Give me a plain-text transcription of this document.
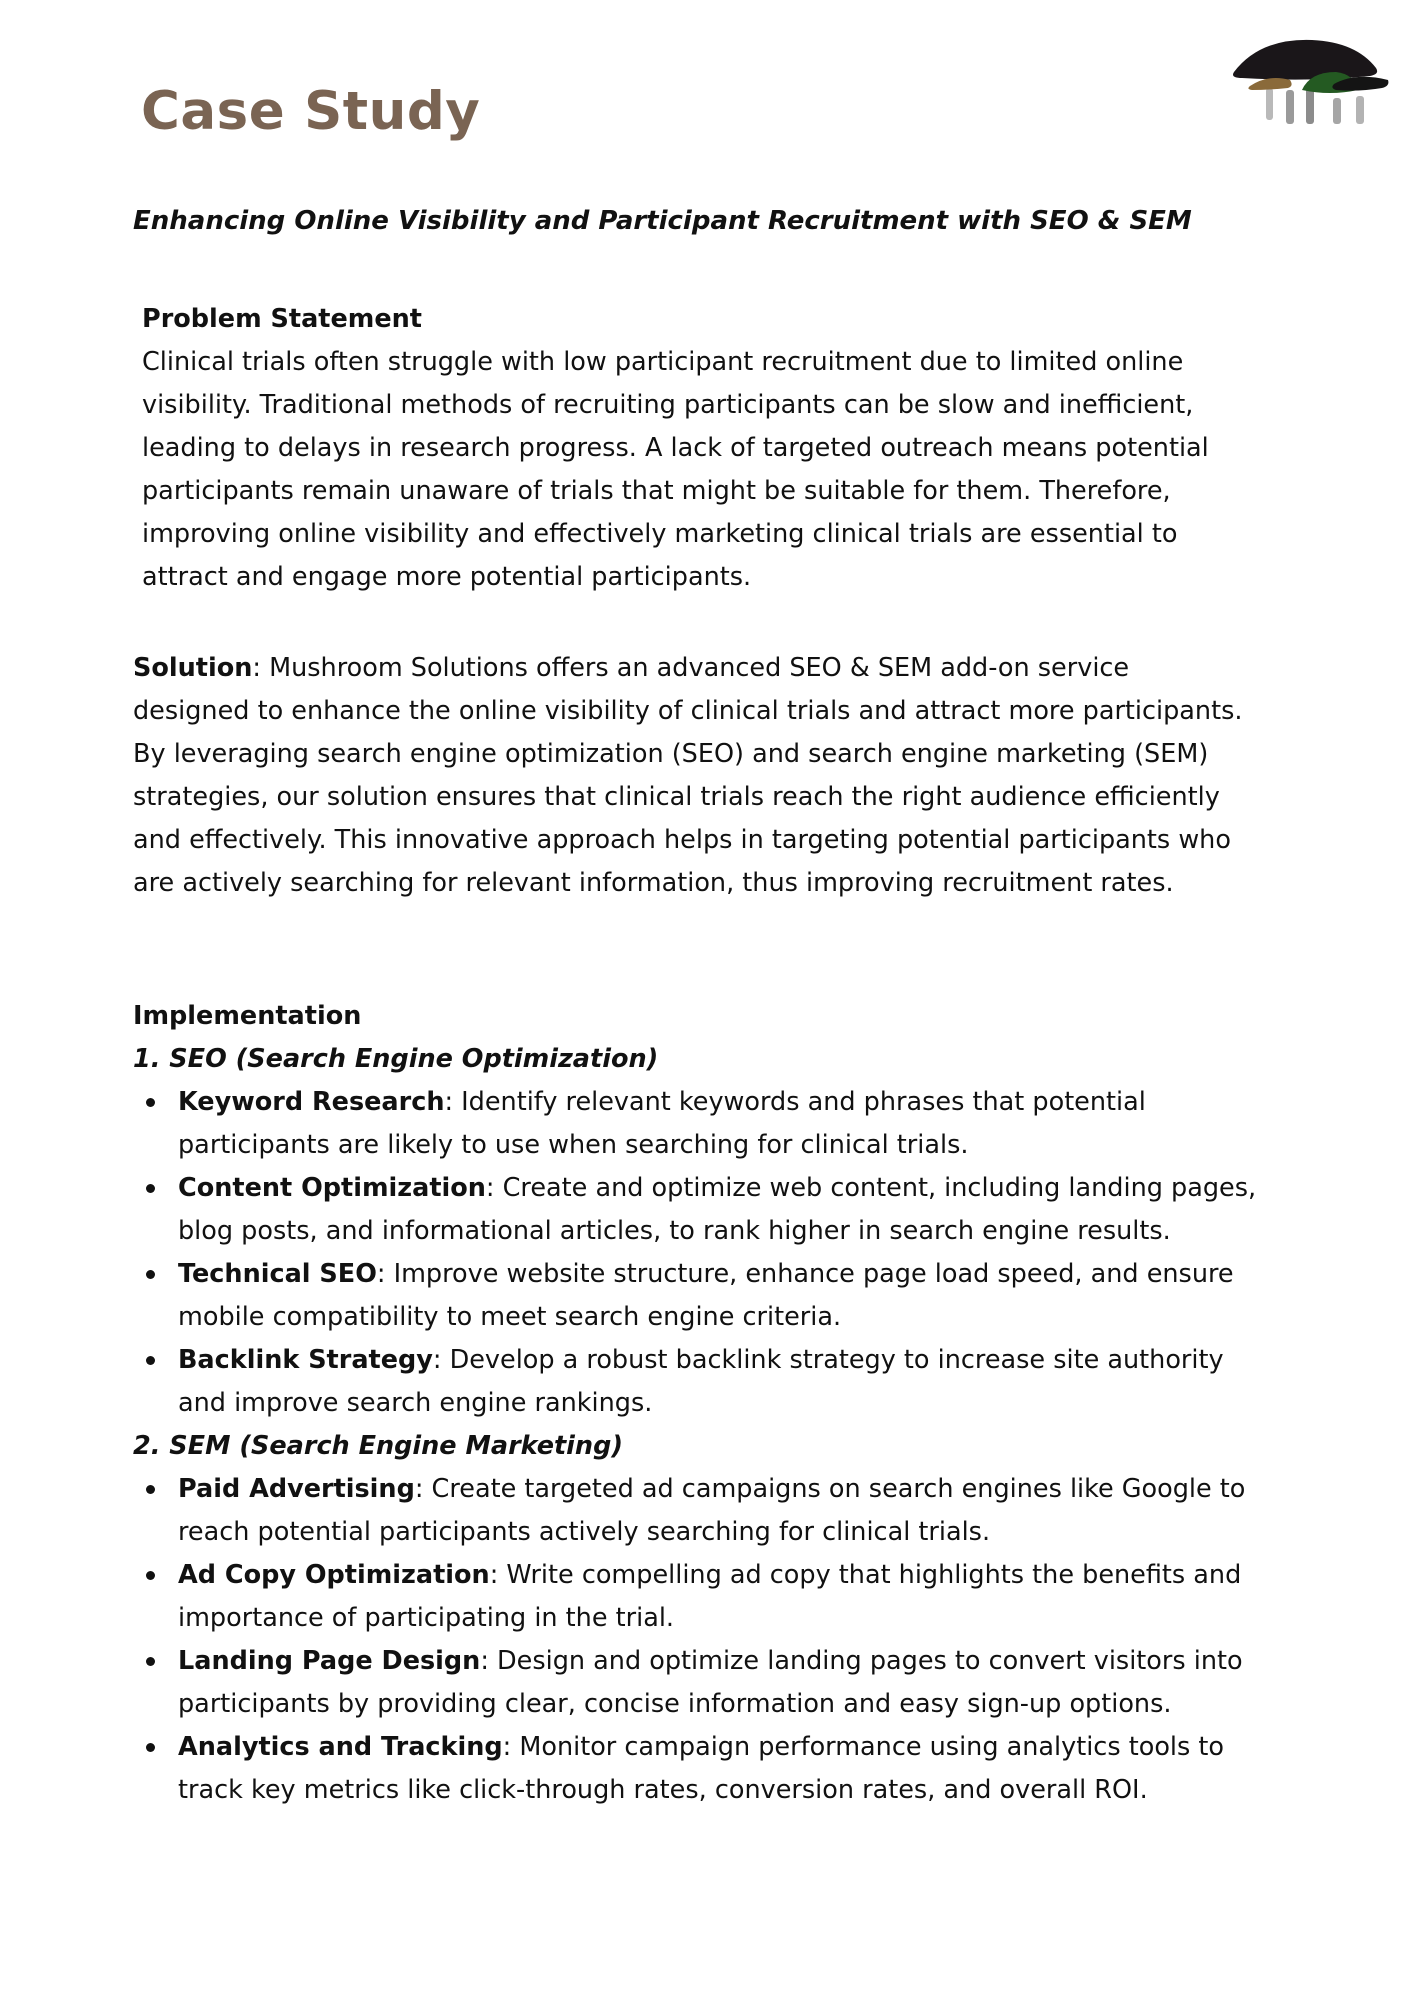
Case Study

Enhancing Online Visibility and Participant Recruitment with SEO & SEM

Problem Statement
Clinical trials often struggle with low participant recruitment due to limited online visibility. Traditional methods of recruiting participants can be slow and inefficient, leading to delays in research progress. A lack of targeted outreach means potential participants remain unaware of trials that might be suitable for them. Therefore, improving online visibility and effectively marketing clinical trials are essential to attract and engage more potential participants.
Solution: Mushroom Solutions offers an advanced SEO & SEM add-on service designed to enhance the online visibility of clinical trials and attract more participants. By leveraging search engine optimization (SEO) and search engine marketing (SEM) strategies, our solution ensures that clinical trials reach the right audience efficiently and effectively. This innovative approach helps in targeting potential participants who are actively searching for relevant information, thus improving recruitment rates.
Implementation
1. SEO (Search Engine Optimization)
Keyword Research: Identify relevant keywords and phrases that potential participants are likely to use when searching for clinical trials.
Content Optimization: Create and optimize web content, including landing pages, blog posts, and informational articles, to rank higher in search engine results.
Technical SEO: Improve website structure, enhance page load speed, and ensure mobile compatibility to meet search engine criteria.
Backlink Strategy: Develop a robust backlink strategy to increase site authority and improve search engine rankings.
2. SEM (Search Engine Marketing)
Paid Advertising: Create targeted ad campaigns on search engines like Google to reach potential participants actively searching for clinical trials.
Ad Copy Optimization: Write compelling ad copy that highlights the benefits and importance of participating in the trial.
Landing Page Design: Design and optimize landing pages to convert visitors into participants by providing clear, concise information and easy sign-up options.
Analytics and Tracking: Monitor campaign performance using analytics tools to track key metrics like click-through rates, conversion rates, and overall ROI.
